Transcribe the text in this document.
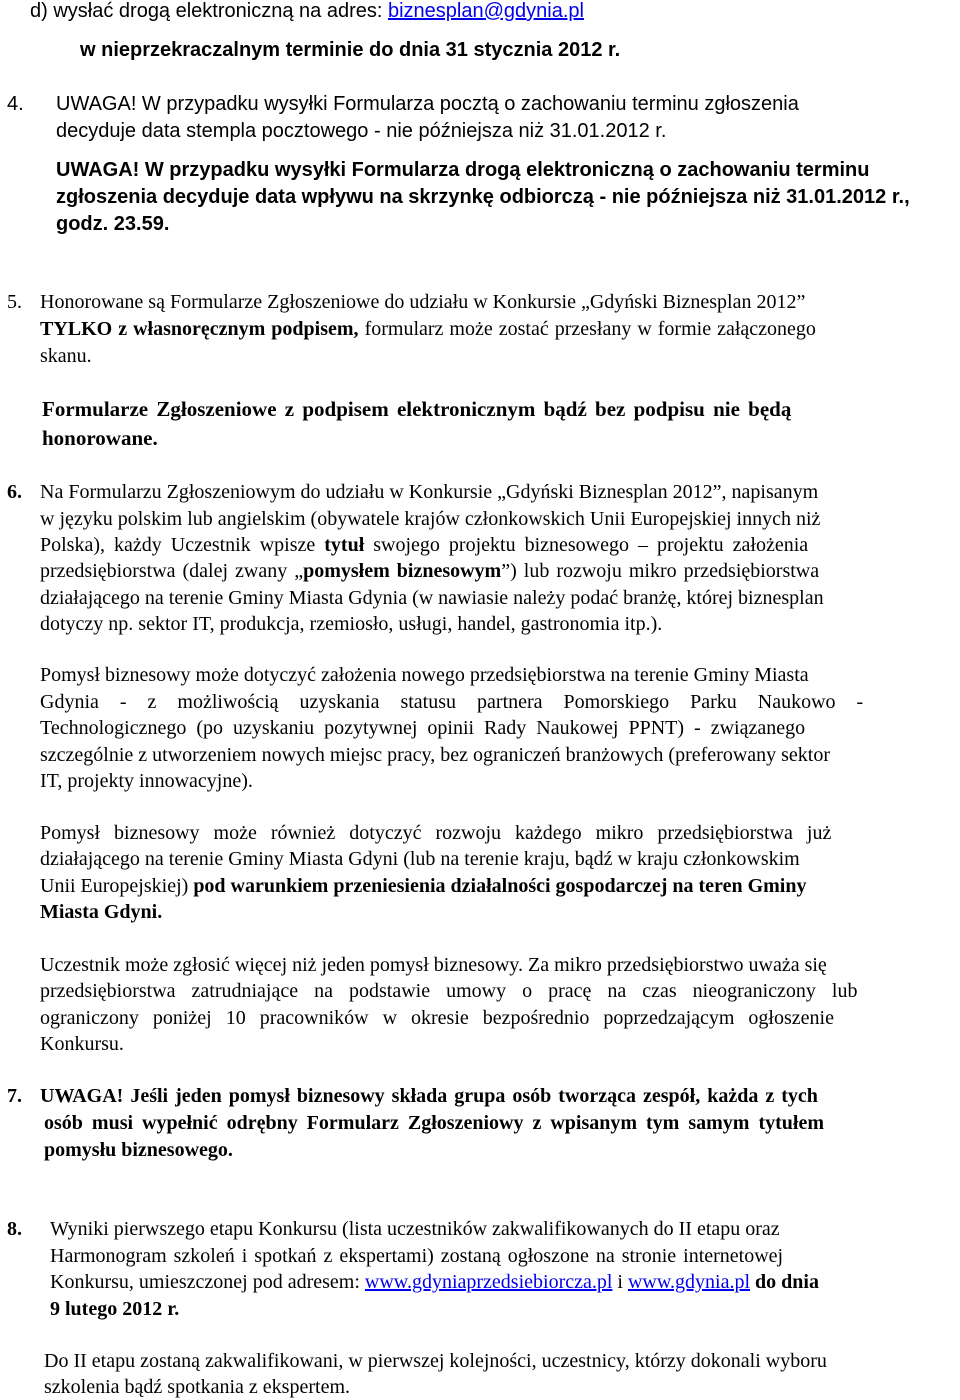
d) wysłać drogą elektroniczną na adres: biznesplan@gdynia.pl
w nieprzekraczalnym terminie do dnia 31 stycznia 2012 r.
4. UWAGA! W przypadku wysyłki Formularza pocztą o zachowaniu terminu zgłoszenia
decyduje data stempla pocztowego - nie późniejsza niż 31.01.2012 r.
UWAGA! W przypadku wysyłki Formularza drogą elektroniczną o zachowaniu terminu
zgłoszenia decyduje data wpływu na skrzynkę odbiorczą - nie późniejsza niż 31.01.2012 r.,
godz. 23.59.
5. Honorowane są Formularze Zgłoszeniowe do udziału w Konkursie „Gdyński Biznesplan 2012”
TYLKO z własnoręcznym podpisem, formularz może zostać przesłany w formie załączonego
skanu.
Formularze Zgłoszeniowe z podpisem elektronicznym bądź bez podpisu nie będą
honorowane.
6. Na Formularzu Zgłoszeniowym do udziału w Konkursie „Gdyński Biznesplan 2012”, napisanym
w języku polskim lub angielskim (obywatele krajów członkowskich Unii Europejskiej innych niż
Polska), każdy Uczestnik wpisze tytuł swojego projektu biznesowego – projektu założenia
przedsiębiorstwa (dalej zwany „pomysłem biznesowym”) lub rozwoju mikro przedsiębiorstwa
działającego na terenie Gminy Miasta Gdynia (w nawiasie należy podać branżę, której biznesplan
dotyczy np. sektor IT, produkcja, rzemiosło, usługi, handel, gastronomia itp.).
Pomysł biznesowy może dotyczyć założenia nowego przedsiębiorstwa na terenie Gminy Miasta
Gdynia - z możliwością uzyskania statusu partnera Pomorskiego Parku Naukowo -
Technologicznego (po uzyskaniu pozytywnej opinii Rady Naukowej PPNT) - związanego
szczególnie z utworzeniem nowych miejsc pracy, bez ograniczeń branżowych (preferowany sektor
IT, projekty innowacyjne).
Pomysł biznesowy może również dotyczyć rozwoju każdego mikro przedsiębiorstwa już
działającego na terenie Gminy Miasta Gdyni (lub na terenie kraju, bądź w kraju członkowskim
Unii Europejskiej) pod warunkiem przeniesienia działalności gospodarczej na teren Gminy
Miasta Gdyni.
Uczestnik może zgłosić więcej niż jeden pomysł biznesowy. Za mikro przedsiębiorstwo uważa się
przedsiębiorstwa zatrudniające na podstawie umowy o pracę na czas nieograniczony lub
ograniczony poniżej 10 pracowników w okresie bezpośrednio poprzedzającym ogłoszenie
Konkursu.
7. UWAGA! Jeśli jeden pomysł biznesowy składa grupa osób tworząca zespół, każda z tych
osób musi wypełnić odrębny Formularz Zgłoszeniowy z wpisanym tym samym tytułem
pomysłu biznesowego.
8. Wyniki pierwszego etapu Konkursu (lista uczestników zakwalifikowanych do II etapu oraz
Harmonogram szkoleń i spotkań z ekspertami) zostaną ogłoszone na stronie internetowej
Konkursu, umieszczonej pod adresem: www.gdyniaprzedsiebiorcza.pl i www.gdynia.pl do dnia
9 lutego 2012 r.
Do II etapu zostaną zakwalifikowani, w pierwszej kolejności, uczestnicy, którzy dokonali wyboru
szkolenia bądź spotkania z ekspertem.
